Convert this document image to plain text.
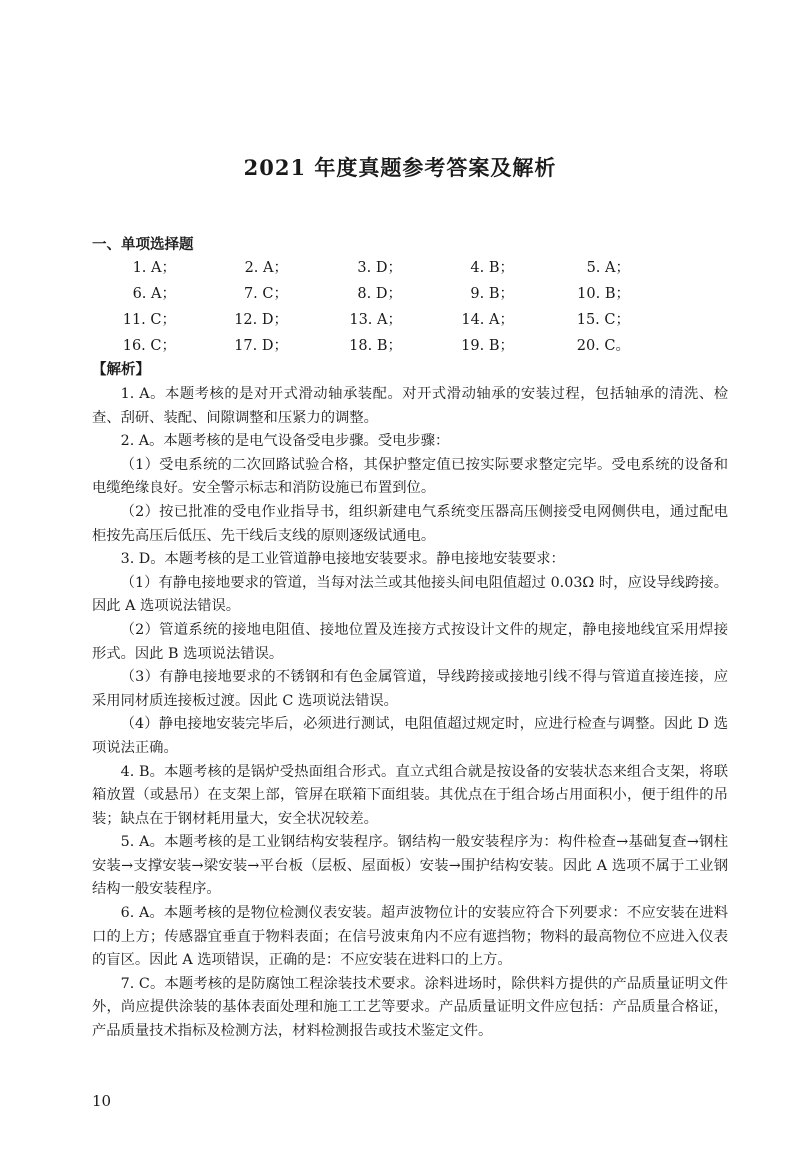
2021 年度真题参考答案及解析
一、单项选择题
1. A；	2. A；	3. D；	4. B；	5. A；
6. A；	7. C；	8. D；	9. B；	10. B；
11. C；	12. D；	13. A；	14. A；	15. C；
16. C；	17. D；	18. B；	19. B；	20. C。
【解析】

1. A。本题考核的是对开式滑动轴承装配。对开式滑动轴承的安装过程，包括轴承的清洗、检查、刮研、装配、间隙调整和压紧力的调整。

2. A。本题考核的是电气设备受电步骤。受电步骤：

（1）受电系统的二次回路试验合格，其保护整定值已按实际要求整定完毕。受电系统的设备和电缆绝缘良好。安全警示标志和消防设施已布置到位。

（2）按已批准的受电作业指导书，组织新建电气系统变压器高压侧接受电网侧供电，通过配电柜按先高压后低压、先干线后支线的原则逐级试通电。

3. D。本题考核的是工业管道静电接地安装要求。静电接地安装要求：

（1）有静电接地要求的管道，当每对法兰或其他接头间电阻值超过 0.03Ω 时，应设导线跨接。因此 A 选项说法错误。

（2）管道系统的接地电阻值、接地位置及连接方式按设计文件的规定，静电接地线宜采用焊接形式。因此 B 选项说法错误。

（3）有静电接地要求的不锈钢和有色金属管道，导线跨接或接地引线不得与管道直接连接，应采用同材质连接板过渡。因此 C 选项说法错误。

（4）静电接地安装完毕后，必须进行测试，电阻值超过规定时，应进行检查与调整。因此 D 选项说法正确。

4. B。本题考核的是锅炉受热面组合形式。直立式组合就是按设备的安装状态来组合支架，将联箱放置（或悬吊）在支架上部，管屏在联箱下面组装。其优点在于组合场占用面积小，便于组件的吊装；缺点在于钢材耗用量大，安全状况较差。

5. A。本题考核的是工业钢结构安装程序。钢结构一般安装程序为：构件检查→基础复查→钢柱安装→支撑安装→梁安装→平台板（层板、屋面板）安装→围护结构安装。因此 A 选项不属于工业钢结构一般安装程序。

6. A。本题考核的是物位检测仪表安装。超声波物位计的安装应符合下列要求：不应安装在进料口的上方；传感器宜垂直于物料表面；在信号波束角内不应有遮挡物；物料的最高物位不应进入仪表的盲区。因此 A 选项错误，正确的是：不应安装在进料口的上方。

7. C。本题考核的是防腐蚀工程涂装技术要求。涂料进场时，除供料方提供的产品质量证明文件外，尚应提供涂装的基体表面处理和施工工艺等要求。产品质量证明文件应包括：产品质量合格证，产品质量技术指标及检测方法，材料检测报告或技术鉴定文件。

10
